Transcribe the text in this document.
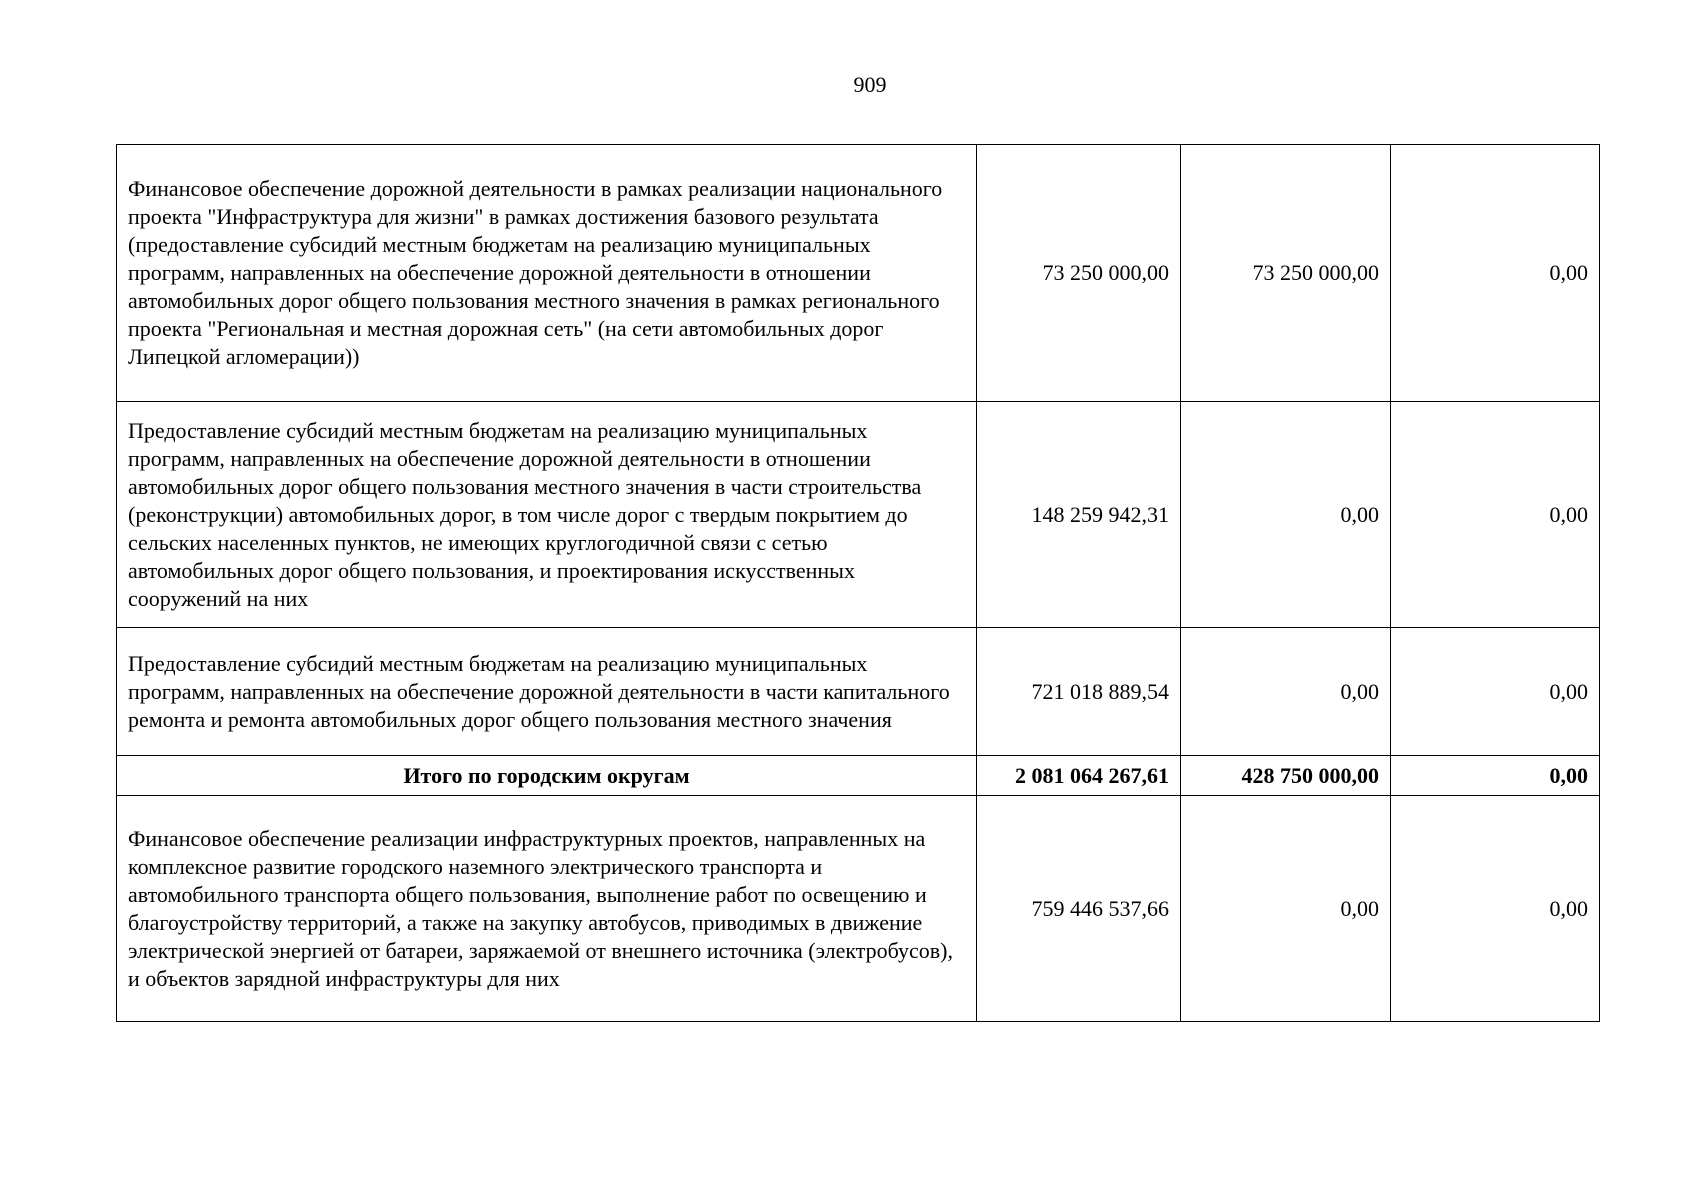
909
Финансовое обеспечение дорожной деятельности в рамках реализации национального проекта "Инфраструктура для жизни" в рамках достижения базового результата (предоставление субсидий местным бюджетам на реализацию муниципальных программ, направленных на обеспечение дорожной деятельности в отношении автомобильных дорог общего пользования местного значения в рамках регионального проекта "Региональная и местная дорожная сеть" (на сети автомобильных дорог Липецкой агломерации))	73 250 000,00	73 250 000,00	0,00
Предоставление субсидий местным бюджетам на реализацию муниципальных программ, направленных на обеспечение дорожной деятельности в отношении автомобильных дорог общего пользования местного значения в части строительства (реконструкции) автомобильных дорог, в том числе дорог с твердым покрытием до сельских населенных пунктов, не имеющих круглогодичной связи с сетью автомобильных дорог общего пользования, и проектирования искусственных сооружений на них	148 259 942,31	0,00	0,00
Предоставление субсидий местным бюджетам на реализацию муниципальных программ, направленных на обеспечение дорожной деятельности в части капитального ремонта и ремонта автомобильных дорог общего пользования местного значения	721 018 889,54	0,00	0,00
Итого по городским округам	2 081 064 267,61	428 750 000,00	0,00
Финансовое обеспечение реализации инфраструктурных проектов, направленных на комплексное развитие городского наземного электрического транспорта и автомобильного транспорта общего пользования, выполнение работ по освещению и благоустройству территорий, а также на закупку автобусов, приводимых в движение электрической энергией от батареи, заряжаемой от внешнего источника (электробусов), и объектов зарядной инфраструктуры для них	759 446 537,66	0,00	0,00
